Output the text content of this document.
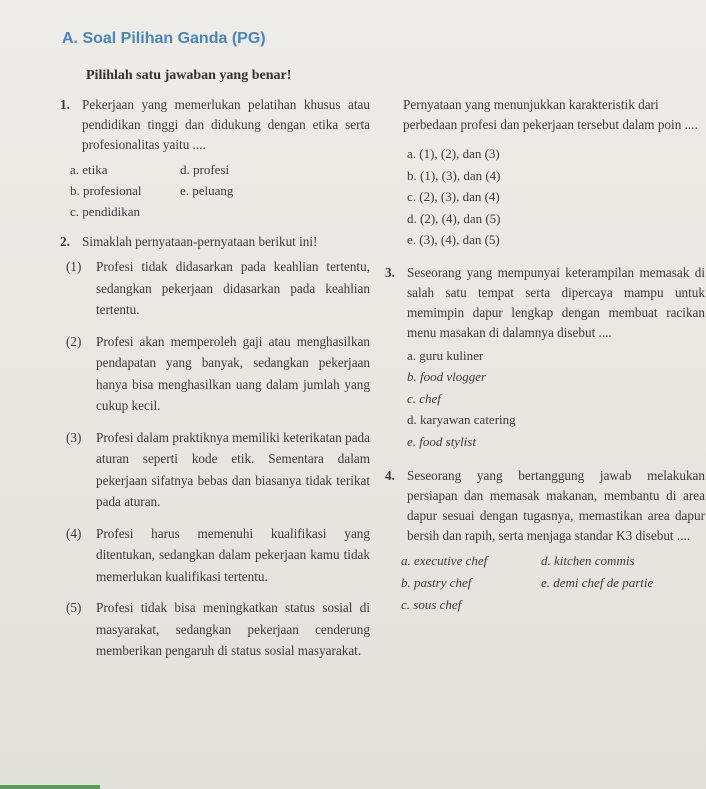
A. Soal Pilihan Ganda (PG)
Pilihlah satu jawaban yang benar!
1. Pekerjaan yang memerlukan pelatihan khusus atau pendidikan tinggi dan didukung dengan etika serta profesionalitas yaitu ....
a. etika	d. profesi
b. profesional	e. peluang
c. pendidikan
2. Simaklah pernyataan-pernyataan berikut ini!
(1)	Profesi tidak didasarkan pada keahlian tertentu, sedangkan pekerjaan didasarkan pada keahlian tertentu.
(2)	Profesi akan memperoleh gaji atau menghasilkan pendapatan yang banyak, sedangkan pekerjaan hanya bisa menghasilkan uang dalam jumlah yang cukup kecil.
(3)	Profesi dalam praktiknya memiliki keterikatan pada aturan seperti kode etik. Sementara dalam pekerjaan sifatnya bebas dan biasanya tidak terikat pada aturan.
(4)	Profesi harus memenuhi kualifikasi yang ditentukan, sedangkan dalam pekerjaan kamu tidak memerlukan kualifikasi tertentu.
(5)	Profesi tidak bisa meningkatkan status sosial di masyarakat, sedangkan pekerjaan cenderung memberikan pengaruh di status sosial masyarakat.
Pernyataan yang menunjukkan karakteristik dari perbedaan profesi dan pekerjaan tersebut dalam poin ....
a. (1), (2), dan (3)
b. (1), (3), dan (4)
c. (2), (3), dan (4)
d. (2), (4), dan (5)
e. (3), (4), dan (5)
3. Seseorang yang mempunyai keterampilan memasak di salah satu tempat serta dipercaya mampu untuk memimpin dapur lengkap dengan membuat racikan menu masakan di dalamnya disebut ....
a. guru kuliner
b. food vlogger
c. chef
d. karyawan catering
e. food stylist
4. Seseorang yang bertanggung jawab melakukan persiapan dan memasak makanan, membantu di area dapur sesuai dengan tugasnya, memastikan area dapur bersih dan rapih, serta menjaga standar K3 disebut ....
a. executive chef	d. kitchen commis
b. pastry chef	e. demi chef de partie
c. sous chef
